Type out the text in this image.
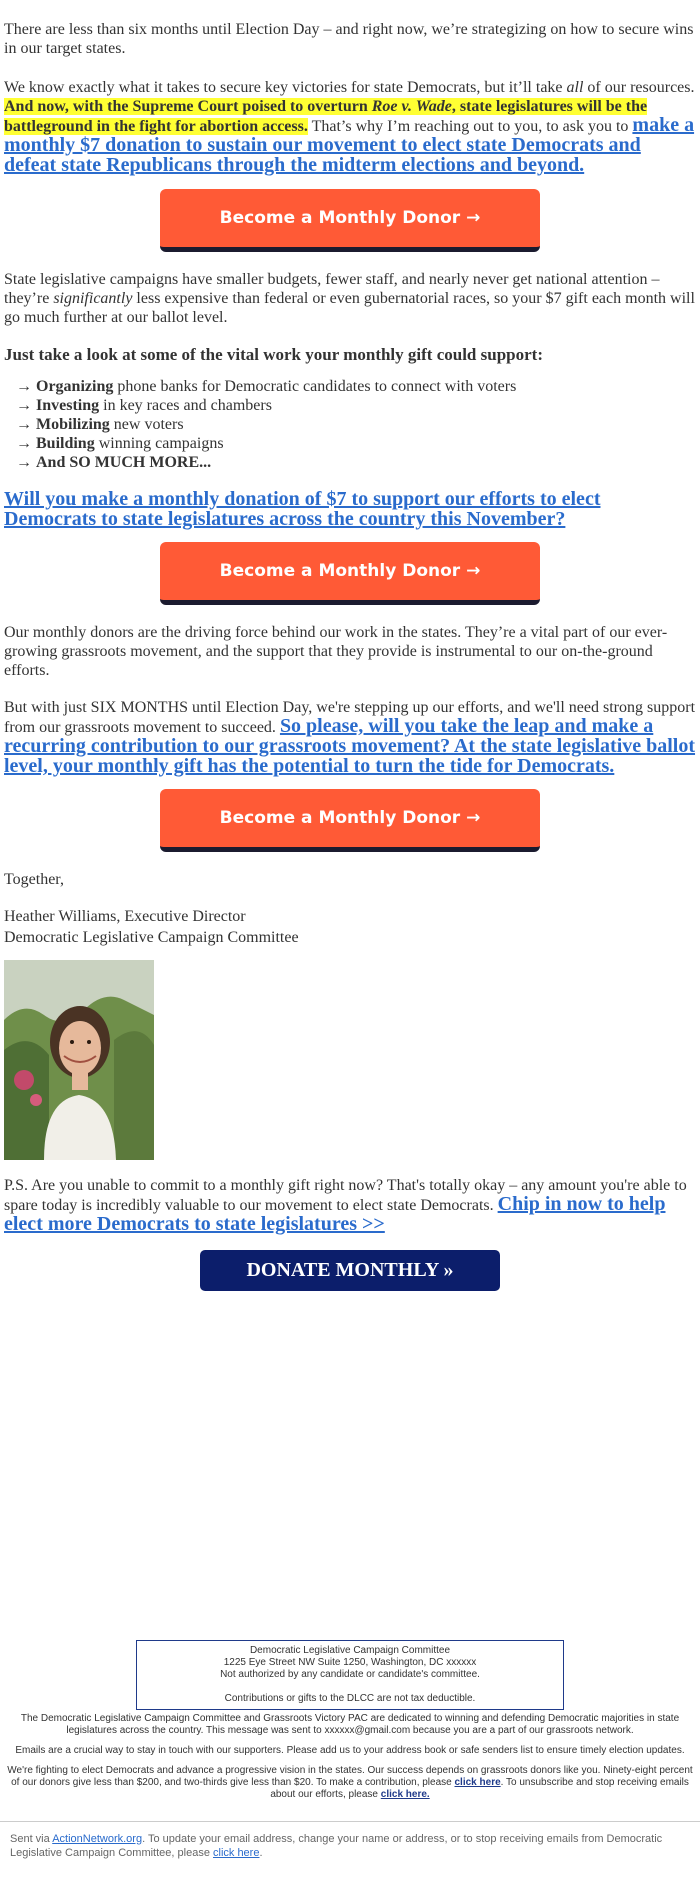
There are less than six months until Election Day – and right now, we’re strategizing on how to secure wins in our target states.

We know exactly what it takes to secure key victories for state Democrats, but it’ll take all of our resources. And now, with the Supreme Court poised to overturn Roe v. Wade, state legislatures will be the battleground in the fight for abortion access. That’s why I’m reaching out to you, to ask you to make a monthly $7 donation to sustain our movement to elect state Democrats and defeat state Republicans through the midterm elections and beyond.

Become a Monthly Donor →

State legislative campaigns have smaller budgets, fewer staff, and nearly never get national attention – they’re significantly less expensive than federal or even gubernatorial races, so your $7 gift each month will go much further at our ballot level.

Just take a look at some of the vital work your monthly gift could support:

→ Organizing phone banks for Democratic candidates to connect with voters
→ Investing in key races and chambers
→ Mobilizing new voters
→ Building winning campaigns
→ And SO MUCH MORE...

Will you make a monthly donation of $7 to support our efforts to elect Democrats to state legislatures across the country this November?

Become a Monthly Donor →

Our monthly donors are the driving force behind our work in the states. They’re a vital part of our ever-growing grassroots movement, and the support that they provide is instrumental to our on-the-ground efforts.

But with just SIX MONTHS until Election Day, we're stepping up our efforts, and we'll need strong support from our grassroots movement to succeed. So please, will you take the leap and make a recurring contribution to our grassroots movement? At the state legislative ballot level, your monthly gift has the potential to turn the tide for Democrats.

Become a Monthly Donor →

Together,

Heather Williams, Executive Director

Democratic Legislative Campaign Committee

P.S. Are you unable to commit to a monthly gift right now? That's totally okay – any amount you're able to spare today is incredibly valuable to our movement to elect state Democrats. Chip in now to help elect more Democrats to state legislatures >>

DONATE MONTHLY »
Democratic Legislative Campaign Committee
1225 Eye Street NW Suite 1250, Washington, DC xxxxxx
Not authorized by any candidate or candidate's committee.
Contributions or gifts to the DLCC are not tax deductible.

The Democratic Legislative Campaign Committee and Grassroots Victory PAC are dedicated to winning and defending Democratic majorities in state legislatures across the country. This message was sent to xxxxxx@gmail.com because you are a part of our grassroots network.

Emails are a crucial way to stay in touch with our supporters. Please add us to your address book or safe senders list to ensure timely election updates.

We're fighting to elect Democrats and advance a progressive vision in the states. Our success depends on grassroots donors like you. Ninety-eight percent of our donors give less than $200, and two-thirds give less than $20. To make a contribution, please click here. To unsubscribe and stop receiving emails about our efforts, please click here.

Sent via ActionNetwork.org. To update your email address, change your name or address, or to stop receiving emails from Democratic Legislative Campaign Committee, please click here.
